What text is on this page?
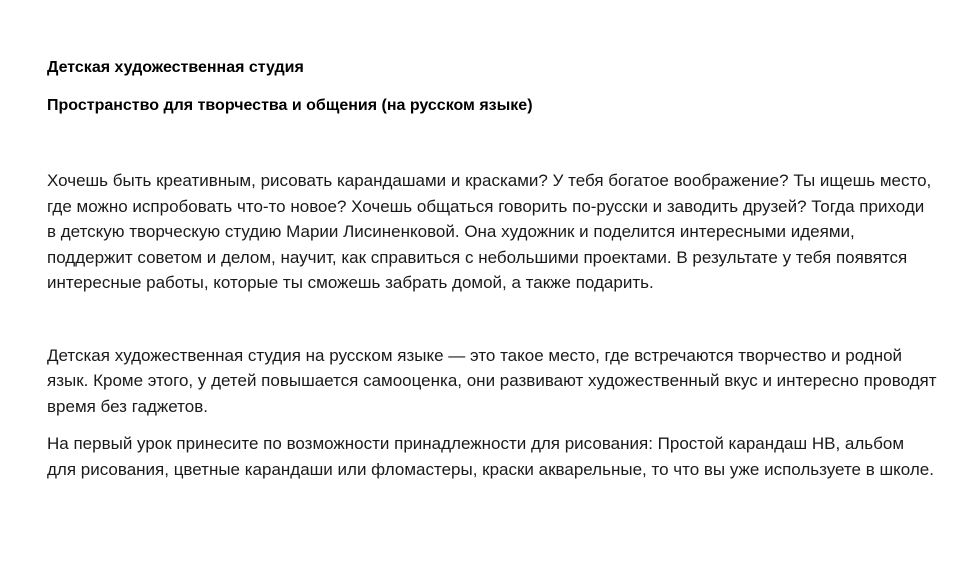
Детская художественная студия
Пространство для творчества и общения (на русском языке)

Хочешь быть креативным, рисовать карандашами и красками? У тебя богатое воображение? Ты ищешь место, где можно испробовать что-то новое? Хочешь общаться говорить по-русски и заводить друзей? Тогда приходи в детскую творческую студию Марии Лисиненковой. Она художник и поделится интересными идеями, поддержит советом и делом, научит, как справиться с небольшими проектами. В результате у тебя появятся интересные работы, которые ты сможешь забрать домой, а также подарить.

Детская художественная студия на русском языке — это такое место, где встречаются творчество и родной язык. Кроме этого, у детей повышается самооценка, они развивают художественный вкус и интересно проводят время без гаджетов.

На первый урок принесите по возможности принадлежности для рисования: Простой карандаш HB, альбом для рисования, цветные карандаши или фломастеры, краски акварельные, то что вы уже используете в школе.
